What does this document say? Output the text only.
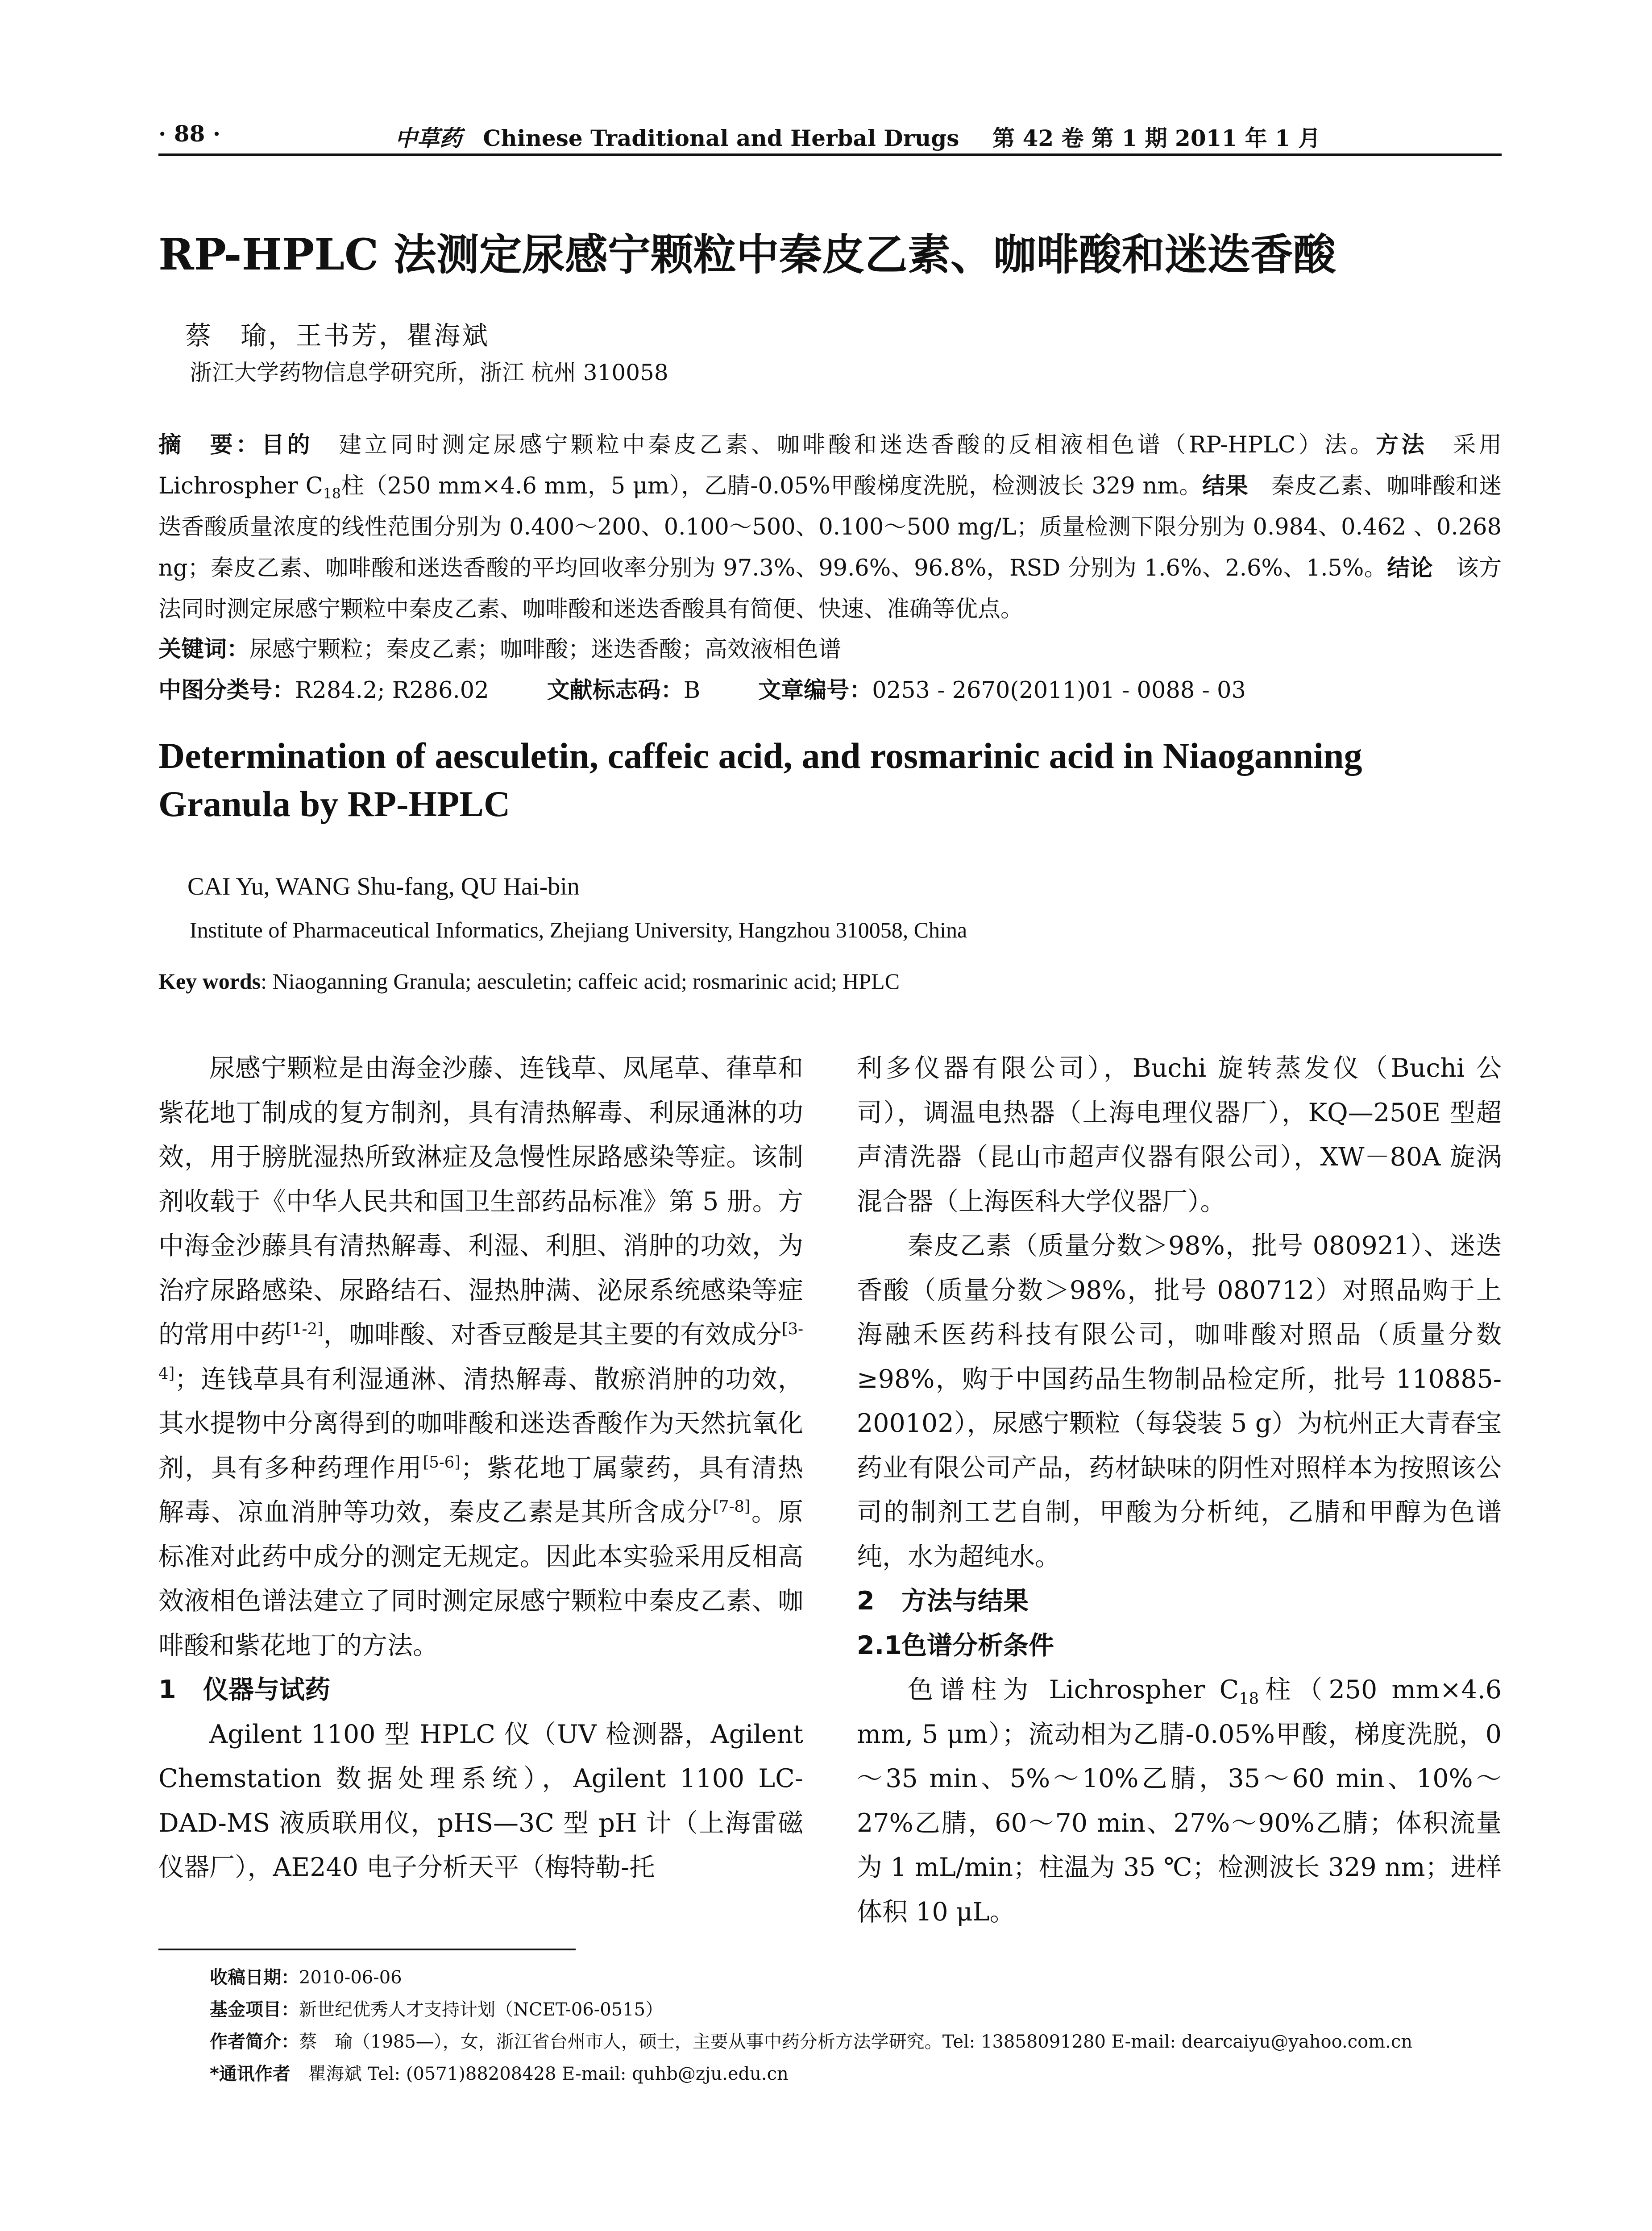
· 88 ·	中草药 Chinese Traditional and Herbal Drugs 第 42 卷 第 1 期 2011 年 1 月
RP-HPLC 法测定尿感宁颗粒中秦皮乙素、咖啡酸和迷迭香酸
蔡　瑜，王书芳，瞿海斌
浙江大学药物信息学研究所，浙江 杭州 310058
摘　要：目的  建立同时测定尿感宁颗粒中秦皮乙素、咖啡酸和迷迭香酸的反相液相色谱（RP-HPLC）法。方法  采用 Lichrospher $C_{18}$柱（250 mm×4.6 mm，5 μm），乙腈-0.05%甲酸梯度洗脱，检测波长 329 nm。结果  秦皮乙素、咖啡酸和迷迭香酸质量浓度的线性范围分别为 0.400～200、0.100～500、0.100～500 mg/L；质量检测下限分别为 0.984、0.462 、0.268 ng；秦皮乙素、咖啡酸和迷迭香酸的平均回收率分别为 97.3%、99.6%、96.8%，RSD 分别为 1.6%、2.6%、1.5%。结论  该方法同时测定尿感宁颗粒中秦皮乙素、咖啡酸和迷迭香酸具有简便、快速、准确等优点。
关键词：尿感宁颗粒；秦皮乙素；咖啡酸；迷迭香酸；高效液相色谱
中图分类号：R284.2; R286.02	文献标志码：B	文章编号：0253 - 2670(2011)01 - 0088 - 03
Determination of aesculetin, caffeic acid, and rosmarinic acid in Niaoganning
Granula by RP-HPLC
CAI Yu, WANG Shu-fang, QU Hai-bin
Institute of Pharmaceutical Informatics, Zhejiang University, Hangzhou 310058, China
Key words: Niaoganning Granula; aesculetin; caffeic acid; rosmarinic acid; HPLC

尿感宁颗粒是由海金沙藤、连钱草、凤尾草、葎草和紫花地丁制成的复方制剂，具有清热解毒、利尿通淋的功效，用于膀胱湿热所致淋症及急慢性尿路感染等症。该制剂收载于《中华人民共和国卫生部药品标准》第 5 册。方中海金沙藤具有清热解毒、利湿、利胆、消肿的功效，为治疗尿路感染、尿路结石、湿热肿满、泌尿系统感染等症的常用中药[1-2]，咖啡酸、对香豆酸是其主要的有效成分[3-4]；连钱草具有利湿通淋、清热解毒、散瘀消肿的功效，其水提物中分离得到的咖啡酸和迷迭香酸作为天然抗氧化剂，具有多种药理作用[5-6]；紫花地丁属蒙药，具有清热解毒、凉血消肿等功效，秦皮乙素是其所含成分[7-8]。原标准对此药中成分的测定无规定。因此本实验采用反相高效液相色谱法建立了同时测定尿感宁颗粒中秦皮乙素、咖啡酸和紫花地丁的方法。

1 仪器与试药

Agilent 1100 型 HPLC 仪（UV 检测器，Agilent Chemstation 数据处理系统），Agilent 1100 LC-DAD-MS 液质联用仪，pHS—3C 型 pH 计（上海雷磁仪器厂），AE240 电子分析天平（梅特勒-托

利多仪器有限公司），Buchi 旋转蒸发仪（Buchi 公司），调温电热器（上海电理仪器厂），KQ—250E 型超声清洗器（昆山市超声仪器有限公司），XW－80A 旋涡混合器（上海医科大学仪器厂）。

秦皮乙素（质量分数＞98%，批号 080921）、迷迭香酸（质量分数＞98%，批号 080712）对照品购于上海融禾医药科技有限公司，咖啡酸对照品（质量分数≥98%，购于中国药品生物制品检定所，批号 110885-200102），尿感宁颗粒（每袋装 5 g）为杭州正大青春宝药业有限公司产品，药材缺味的阴性对照样本为按照该公司的制剂工艺自制，甲酸为分析纯，乙腈和甲醇为色谱纯，水为超纯水。

2 方法与结果
2.1色谱分析条件

色谱柱为 Lichrospher $C_{18}$柱（250 mm×4.6 mm, 5 μm）；流动相为乙腈-0.05%甲酸，梯度洗脱，0～35 min、5%～10%乙腈，35～60 min、10%～27%乙腈，60～70 min、27%～90%乙腈；体积流量为 1 mL/min；柱温为 35 ℃；检测波长 329 nm；进样体积 10 μL。

收稿日期：2010-06-06
基金项目：新世纪优秀人才支持计划（NCET-06-0515）
作者简介：蔡　瑜（1985—），女，浙江省台州市人，硕士，主要从事中药分析方法学研究。Tel: 13858091280 E-mail: dearcaiyu@yahoo.com.cn
*通讯作者  瞿海斌 Tel: (0571)88208428 E-mail: quhb@zju.edu.cn
